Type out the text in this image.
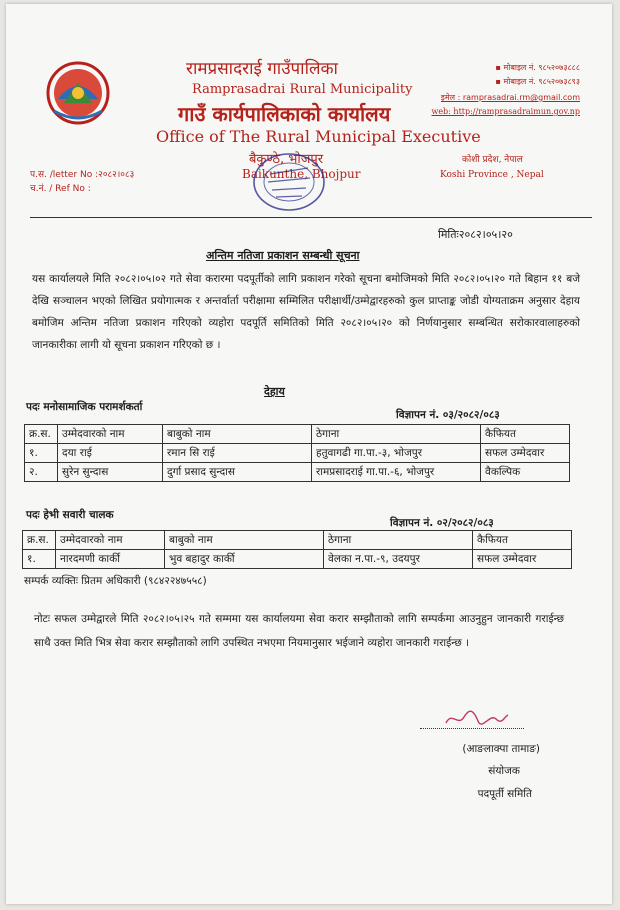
रामप्रसादराई गाउँपालिका
Ramprasadrai Rural Municipality
गाउँ कार्यपालिकाको कार्यालय
Office of The Rural Municipal Executive
बैकुण्ठे, भोजपुर
Baikunthe, Bhojpur
▪ मोबाइल नं. ९८५२०७३८८८
▪ मोबाइल नं. ९८५२०७३८९३
इमेल : ramprasadrai.rm@gmail.com
web: http://ramprasadraimun.gov.np
कोशी प्रदेश, नेपाल
Koshi Province , Nepal
प.स. /letter No :२०८२।०८३
च.नं. / Ref No :
मितिः२०८२।०५।२०
अन्तिम नतिजा प्रकाशन सम्बन्धी सूचना
यस कार्यालयले मिति २०८२।०५।०२ गते सेवा करारमा पदपूर्तीको लागि प्रकाशन गरेको सूचना बमोजिमको मिति २०८२।०५।२० गते बिहान ११ बजे देखि सञ्चालन भएको लिखित प्रयोगात्मक र अन्तर्वार्ता परीक्षामा सम्मिलित परीक्षार्थी/उम्मेद्वारहरुको कुल प्राप्ताङ्क जोडी योग्यताक्रम अनुसार देहाय बमोजिम अन्तिम नतिजा प्रकाशन गरिएको व्यहोरा पदपूर्ति समितिको मिति २०८२।०५।२० को निर्णयानुसार सम्बन्धित सरोकारवालाहरुको जानकारीका लागी यो सूचना प्रकाशन गरिएको छ ।
देहाय
पदः मनोसामाजिक परामर्शकर्ता
विज्ञापन नं. ०३/२०८२/०८३
क्र.स.	उम्मेदवारको नाम	बाबुको नाम	ठेगाना	कैफियत
१.	दया राई	रमान सि राई	हतुवागढी गा.पा.-३, भोजपुर	सफल उम्मेदवार
२.	सुरेन सुन्दास	दुर्गा प्रसाद सुन्दास	रामप्रसादराई गा.पा.-६, भोजपुर	वैकल्पिक
पदः हेभी सवारी चालक
विज्ञापन नं. ०२/२०८२/०८३
क्र.स.	उम्मेदवारको नाम	बाबुको नाम	ठेगाना	कैफियत
१.	नारदमणी कार्की	भुव बहादुर कार्की	वेलका न.पा.-९, उदयपुर	सफल उम्मेदवार
सम्पर्क व्यक्तिः प्रितम अधिकारी (९८४२२४७५५८)
नोटः सफल उम्मेद्वारले मिति २०८२।०५।२५ गते सम्ममा यस कार्यालयमा सेवा करार सम्झौताको लागि सम्पर्कमा आउनुहुन जानकारी गराईन्छ साथै उक्त मिति भित्र सेवा करार सम्झौताको लागि उपस्थित नभएमा नियमानुसार भईजाने व्यहोरा जानकारी गराईन्छ ।
(आङलाक्पा तामाङ)
संयोजक
पदपूर्ती समिति
